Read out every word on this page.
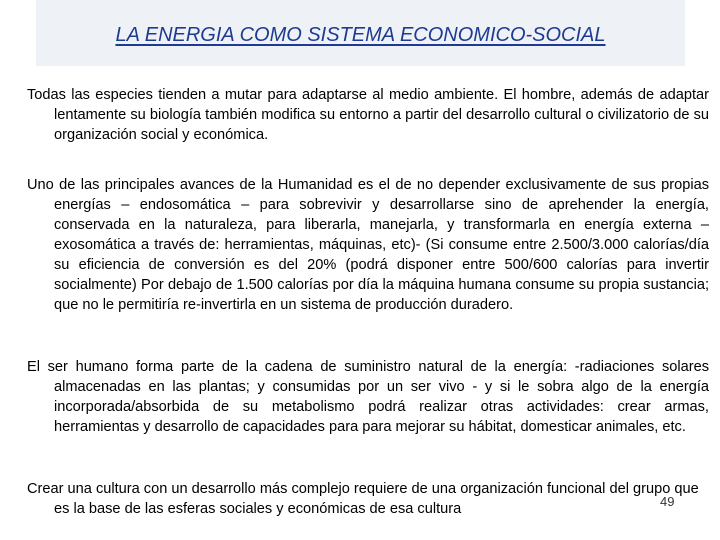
LA ENERGIA COMO SISTEMA ECONOMICO-SOCIAL

Todas las especies tienden a mutar para adaptarse al medio ambiente. El hombre, además de adaptar lentamente su biología también modifica su entorno a partir del desarrollo cultural o civilizatorio de su organización social y económica.

Uno de las principales avances de la Humanidad es el de no depender exclusivamente de sus propias energías – endosomática – para sobrevivir y desarrollarse sino de aprehender la energía, conservada en la naturaleza, para liberarla, manejarla, y transformarla en energía externa – exosomática a través de: herramientas, máquinas, etc)- (Si consume entre 2.500/3.000 calorías/día su eficiencia de conversión es del 20% (podrá disponer entre 500/600 calorías para invertir socialmente) Por debajo de 1.500 calorías por día la máquina humana consume su propia sustancia; que no le permitiría re-invertirla en un sistema de producción duradero.

El ser humano forma parte de la cadena de suministro natural de la energía: -radiaciones solares almacenadas en las plantas; y consumidas por un ser vivo - y si le sobra algo de la energía incorporada/absorbida de su metabolismo podrá realizar otras actividades: crear armas, herramientas y desarrollo de capacidades para para mejorar su hábitat, domesticar animales, etc.

Crear una cultura con un desarrollo más complejo requiere de una organización funcional del grupo que es la base de las esferas sociales y económicas de esa cultura	49
